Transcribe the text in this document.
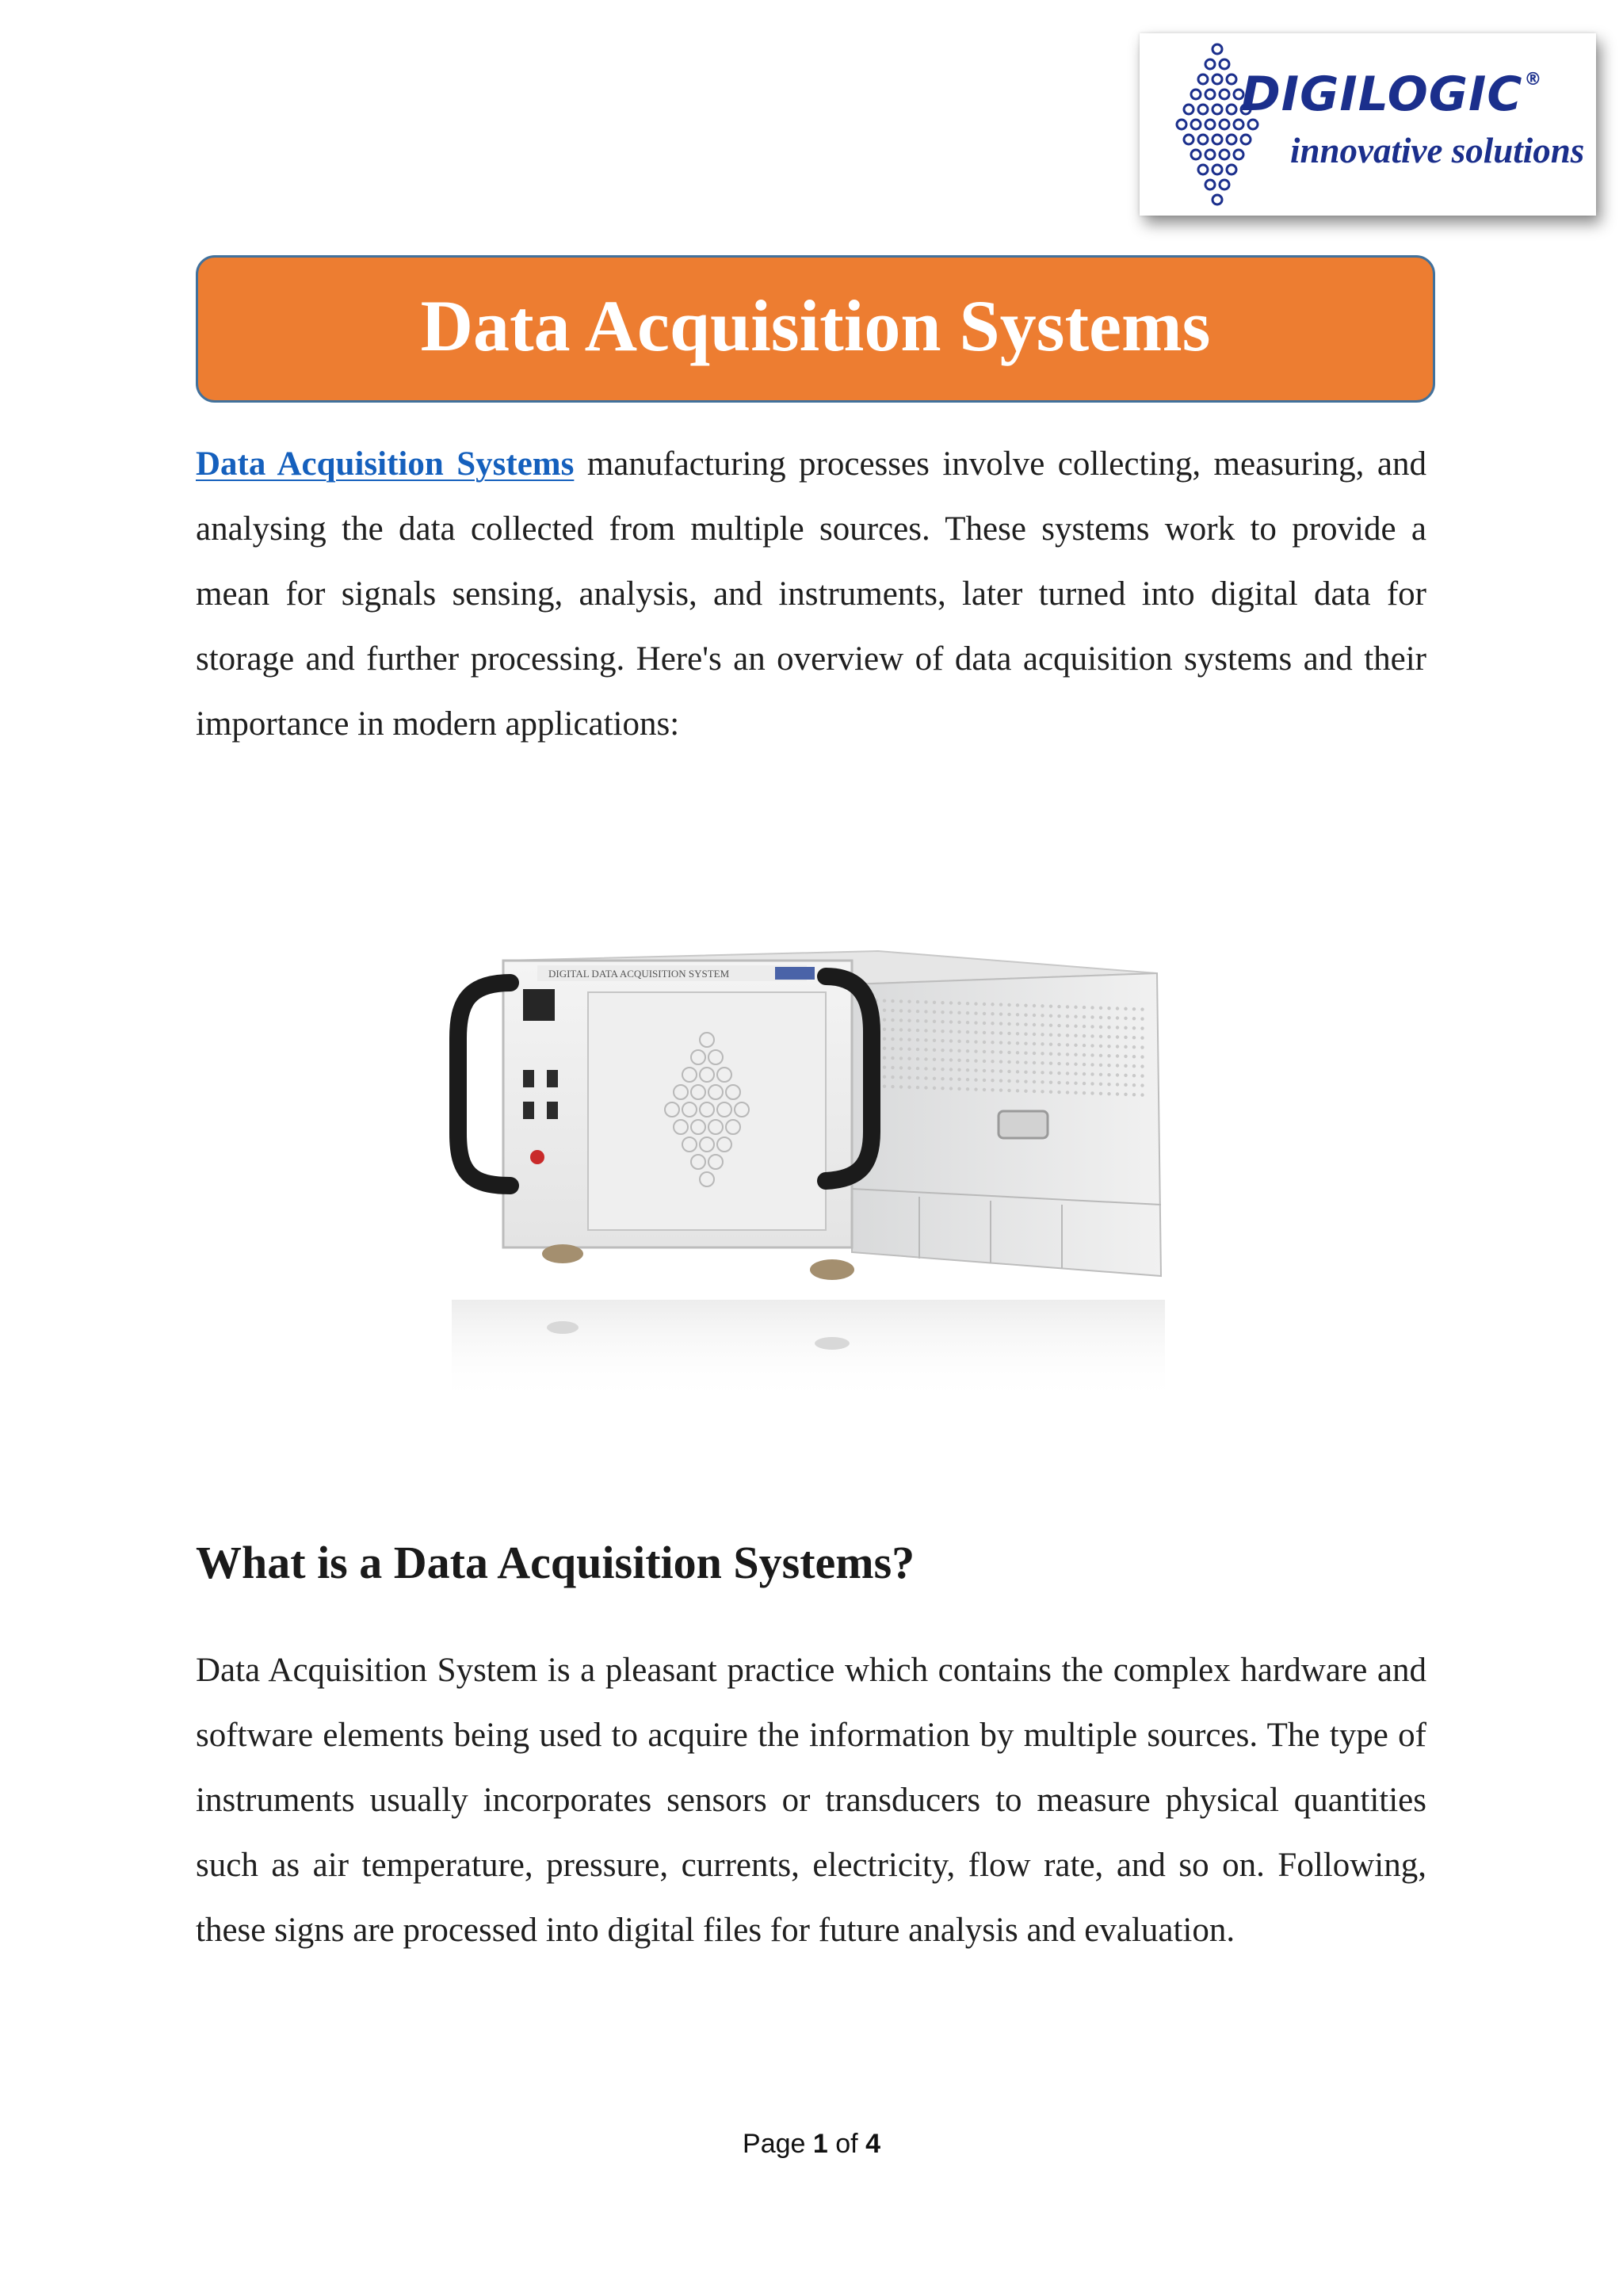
DIGILOGIC®
innovative solutions
Data Acquisition Systems
Data Acquisition Systems manufacturing processes involve collecting, measuring, and analysing the data collected from multiple sources. These systems work to provide a mean for signals sensing, analysis, and instruments, later turned into digital data for storage and further processing. Here's an overview of data acquisition systems and their importance in modern applications:
DIGITAL DATA ACQUISITION SYSTEM
What is a Data Acquisition Systems?
Data Acquisition System is a pleasant practice which contains the complex hardware and software elements being used to acquire the information by multiple sources. The type of instruments usually incorporates sensors or transducers to measure physical quantities such as air temperature, pressure, currents, electricity, flow rate, and so on. Following, these signs are processed into digital files for future analysis and evaluation.
Page 1 of 4
